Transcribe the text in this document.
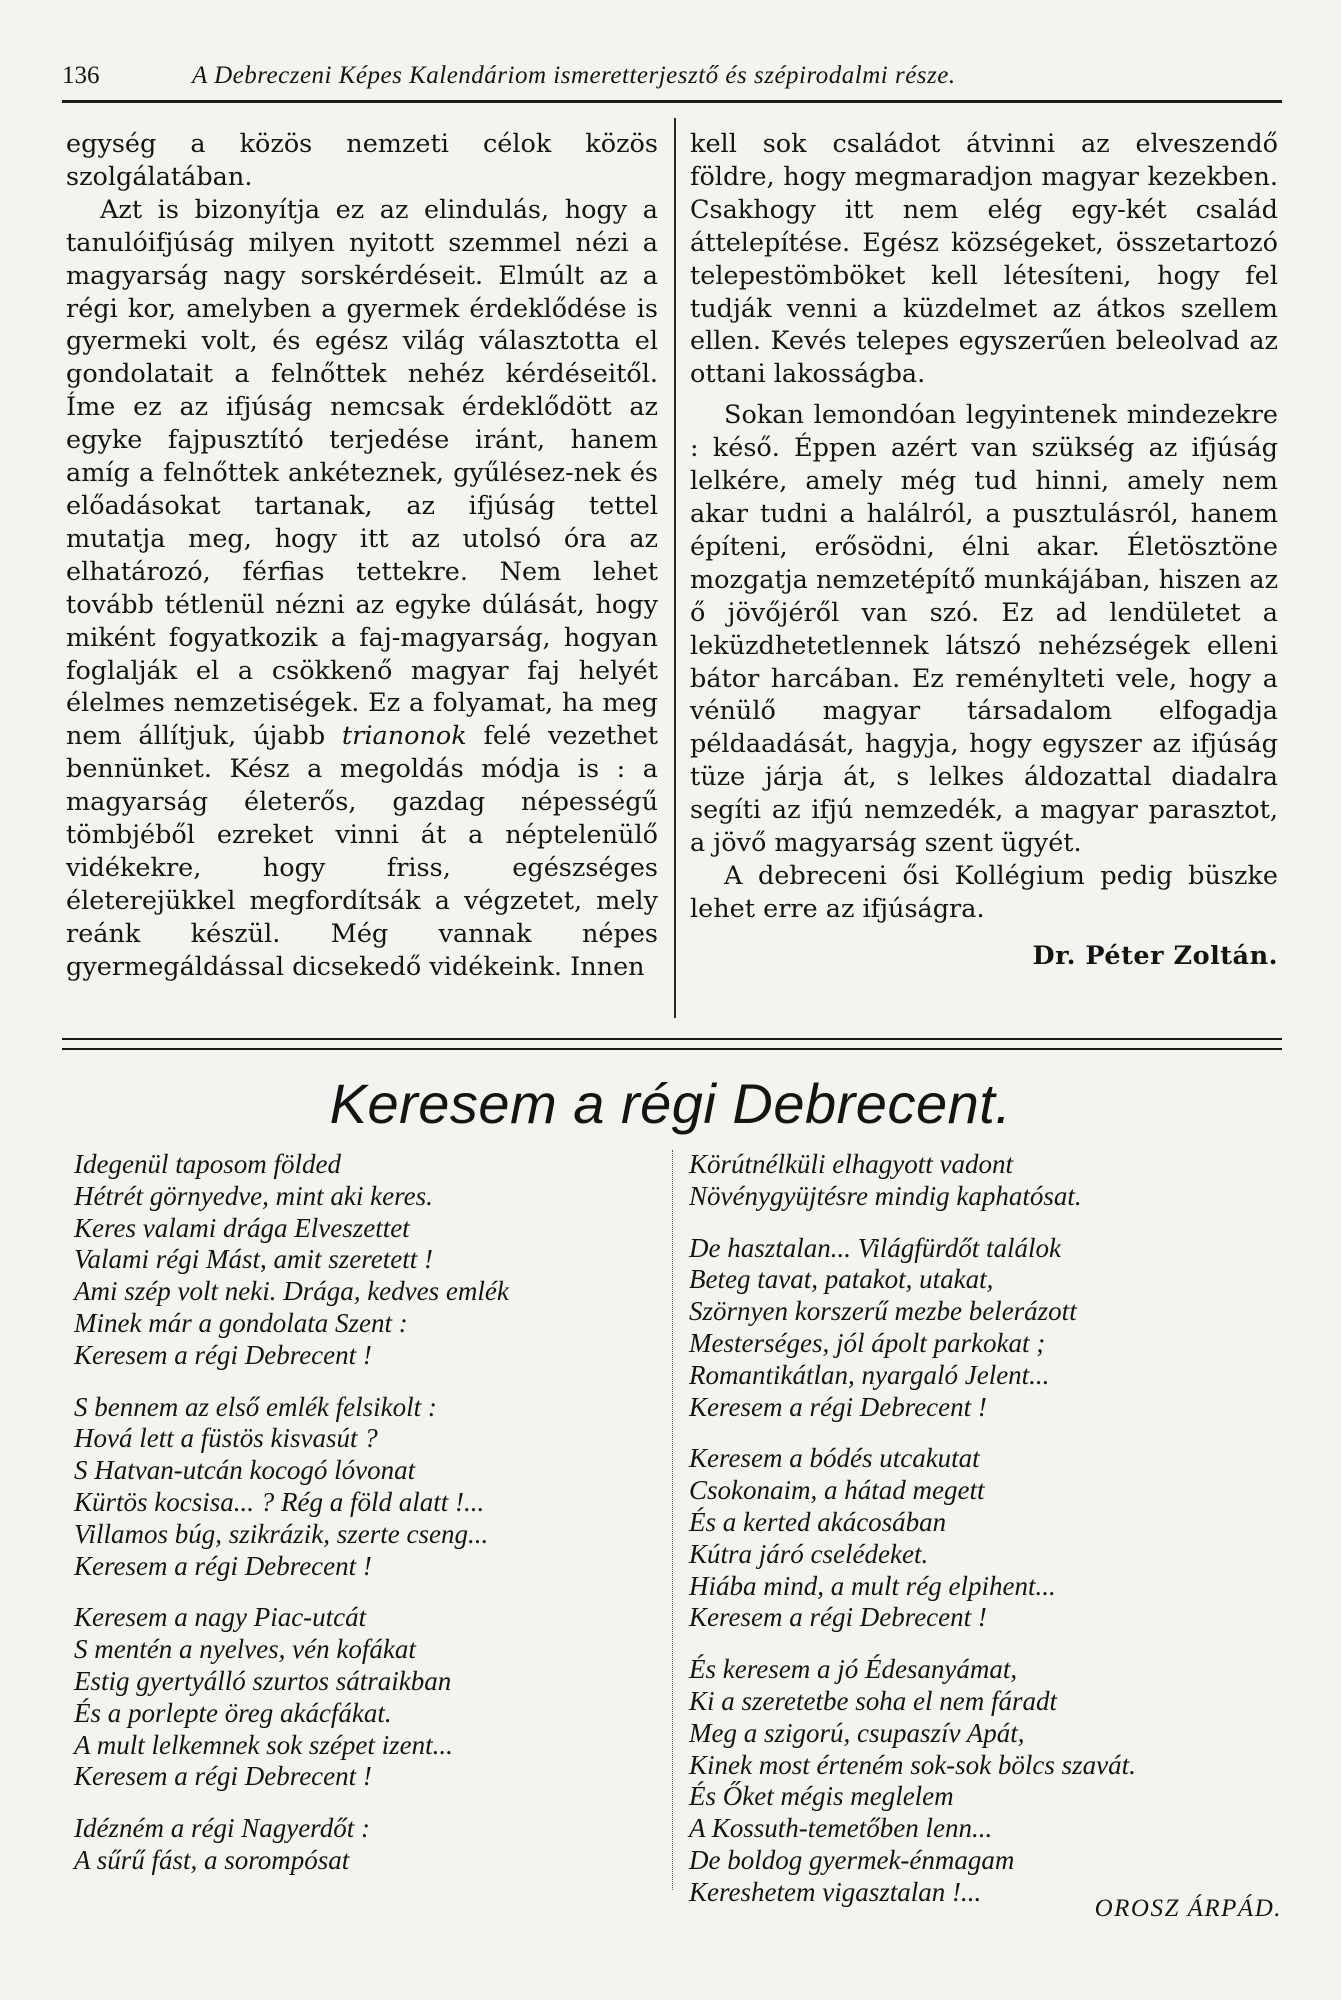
136	A Debreczeni Képes Kalendáriom ismeretterjesztő és szépirodalmi része.

egység a közös nemzeti célok közös szolgálatában.

Azt is bizonyítja ez az elindulás, hogy a tanulóifjúság milyen nyitott szemmel nézi a magyarság nagy sorskérdéseit. Elmúlt az a régi kor, amelyben a gyermek érdeklődése is gyermeki volt, és egész világ választotta el gondolatait a felnőttek nehéz kérdéseitől. Íme ez az ifjúság nemcsak érdeklődött az egyke fajpusztító terjedése iránt, hanem amíg a felnőttek ankéteznek, gyűlésez-nek és előadásokat tartanak, az ifjúság tettel mutatja meg, hogy itt az utolsó óra az elhatározó, férfias tettekre. Nem lehet tovább tétlenül nézni az egyke dúlását, hogy miként fogyatkozik a faj-magyarság, hogyan foglalják el a csökkenő magyar faj helyét élelmes nemzetiségek. Ez a folyamat, ha meg nem állítjuk, újabb trianonok felé vezethet bennünket. Kész a megoldás módja is : a magyarság életerős, gazdag népességű tömbjéből ezreket vinni át a néptelenülő vidékekre, hogy friss, egészséges életerejükkel megfordítsák a végzetet, mely reánk készül. Még vannak népes gyermegáldással dicsekedő vidékeink. Innen

kell sok családot átvinni az elveszendő földre, hogy megmaradjon magyar kezekben. Csakhogy itt nem elég egy-két család áttelepítése. Egész községeket, összetartozó telepestömböket kell létesíteni, hogy fel tudják venni a küzdelmet az átkos szellem ellen. Kevés telepes egyszerűen beleolvad az ottani lakosságba.

Sokan lemondóan legyintenek mindezekre : késő. Éppen azért van szükség az ifjúság lelkére, amely még tud hinni, amely nem akar tudni a halálról, a pusztulásról, hanem építeni, erősödni, élni akar. Életösztöne mozgatja nemzetépítő munkájában, hiszen az ő jövőjéről van szó. Ez ad lendületet a leküzdhetetlennek látszó nehézségek elleni bátor harcában. Ez reménylteti vele, hogy a vénülő magyar társadalom elfogadja példaadását, hagyja, hogy egyszer az ifjúság tüze járja át, s lelkes áldozattal diadalra segíti az ifjú nemzedék, a magyar parasztot, a jövő magyarság szent ügyét.

A debreceni ősi Kollégium pedig büszke lehet erre az ifjúságra.

Dr. Péter Zoltán.

Keresem a régi Debrecent.
Idegenül taposom földed
Hétrét görnyedve, mint aki keres.
Keres valami drága Elveszettet
Valami régi Mást, amit szeretett !
Ami szép volt neki. Drága, kedves emlék
Minek már a gondolata Szent :
Keresem a régi Debrecent !
S bennem az első emlék felsikolt :
Hová lett a füstös kisvasút ?
S Hatvan-utcán kocogó lóvonat
Kürtös kocsisa... ? Rég a föld alatt !...
Villamos búg, szikrázik, szerte cseng...
Keresem a régi Debrecent !
Keresem a nagy Piac-utcát
S mentén a nyelves, vén kofákat
Estig gyertyálló szurtos sátraikban
És a porlepte öreg akácfákat.
A mult lelkemnek sok szépet izent...
Keresem a régi Debrecent !
Idézném a régi Nagyerdőt :
A sűrű fást, a sorompósat
Körútnélküli elhagyott vadont
Növénygyüjtésre mindig kaphatósat.
De hasztalan... Világfürdőt találok
Beteg tavat, patakot, utakat,
Szörnyen korszerű mezbe belerázott
Mesterséges, jól ápolt parkokat ;
Romantikátlan, nyargaló Jelent...
Keresem a régi Debrecent !
Keresem a bódés utcakutat
Csokonaim, a hátad megett
És a kerted akácosában
Kútra járó cselédeket.
Hiába mind, a mult rég elpihent...
Keresem a régi Debrecent !
És keresem a jó Édesanyámat,
Ki a szeretetbe soha el nem fáradt
Meg a szigorú, csupaszív Apát,
Kinek most érteném sok-sok bölcs szavát.
És Őket mégis meglelem
A Kossuth-temetőben lenn...
De boldog gyermek-énmagam
Kereshetem vigasztalan !...
OROSZ ÁRPÁD.
